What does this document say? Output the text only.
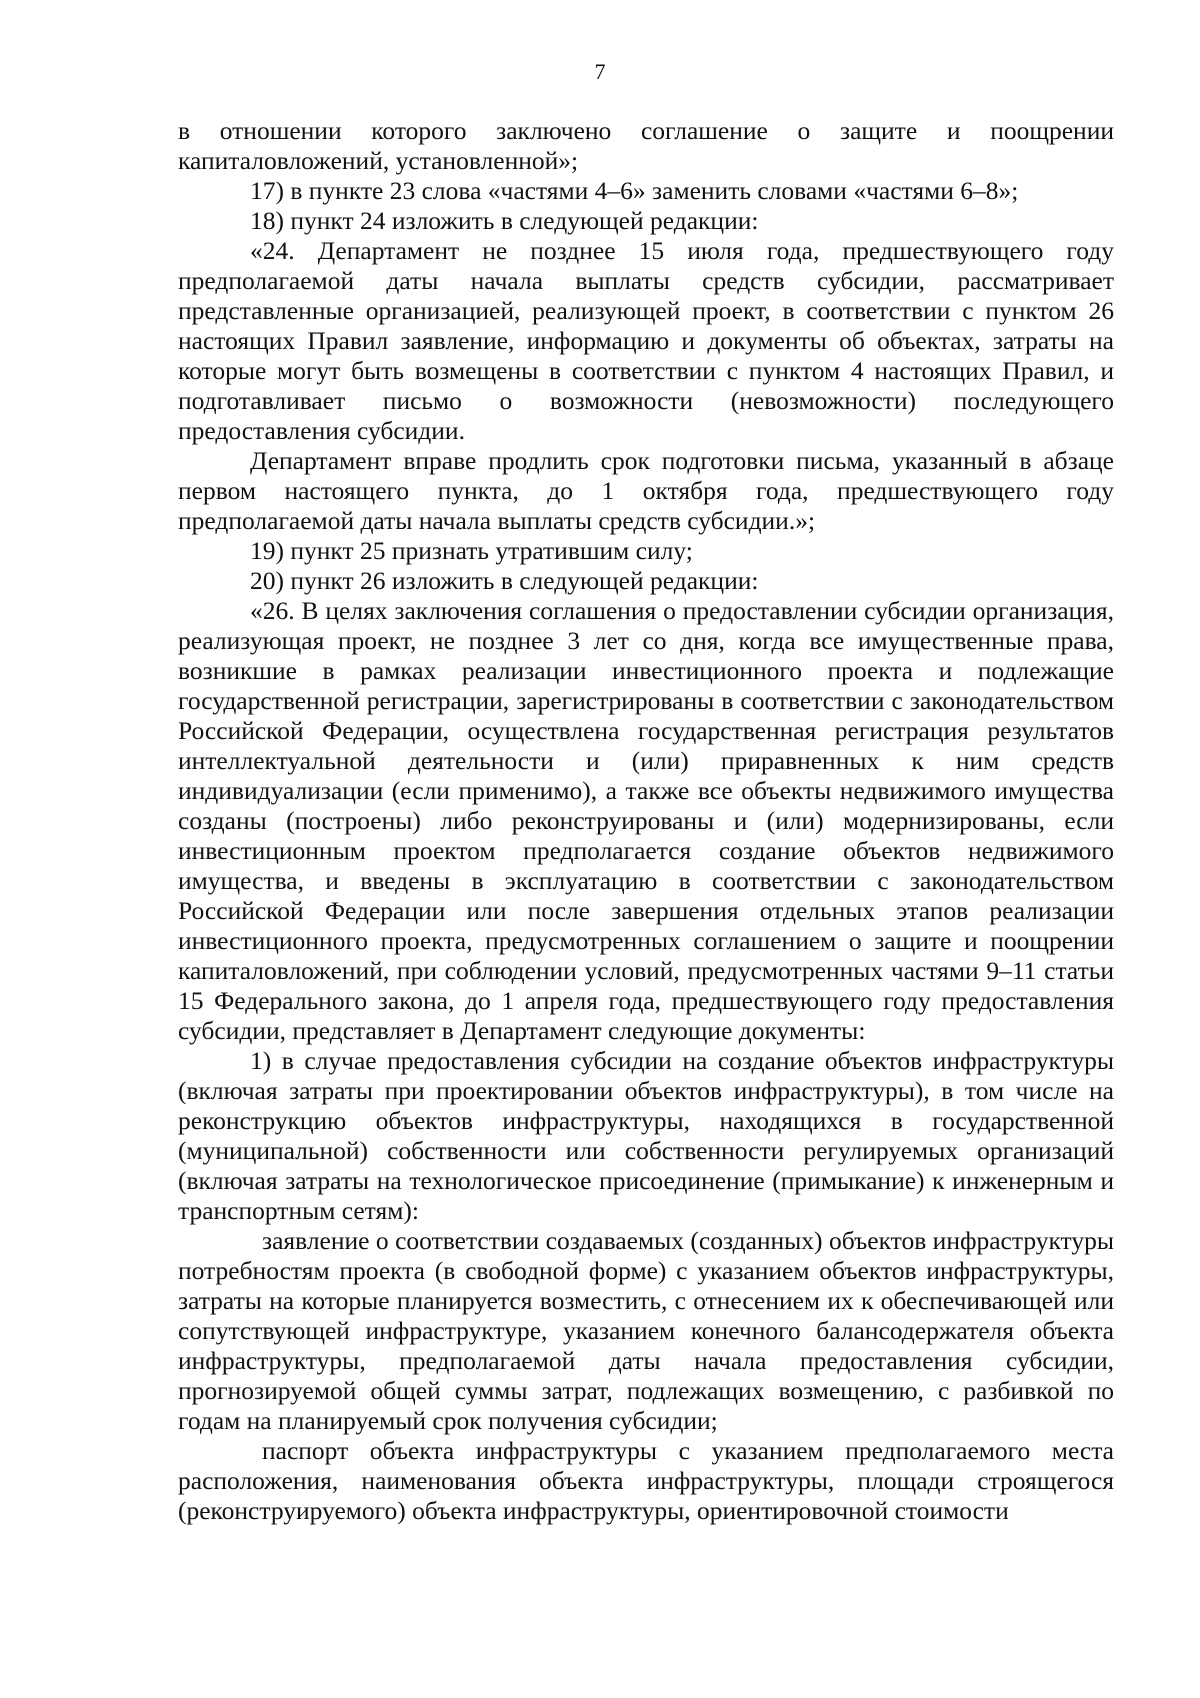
7

в отношении которого заключено соглашение о защите и поощрении капиталовложений, установленной»;

17) в пункте 23 слова «частями 4–6» заменить словами «частями 6–8»;

18) пункт 24 изложить в следующей редакции:

«24. Департамент не позднее 15 июля года, предшествующего году предполагаемой даты начала выплаты средств субсидии, рассматривает представленные организацией, реализующей проект, в соответствии с пунктом 26 настоящих Правил заявление, информацию и документы об объектах, затраты на которые могут быть возмещены в соответствии с пунктом 4 настоящих Правил, и подготавливает письмо о возможности (невозможности) последующего предоставления субсидии.

Департамент вправе продлить срок подготовки письма, указанный в абзаце первом настоящего пункта, до 1 октября года, предшествующего году предполагаемой даты начала выплаты средств субсидии.»;

19) пункт 25 признать утратившим силу;

20) пункт 26 изложить в следующей редакции:

«26. В целях заключения соглашения о предоставлении субсидии организация, реализующая проект, не позднее 3 лет со дня, когда все имущественные права, возникшие в рамках реализации инвестиционного проекта и подлежащие государственной регистрации, зарегистрированы в соответствии с законодательством Российской Федерации, осуществлена государственная регистрация результатов интеллектуальной деятельности и (или) приравненных к ним средств индивидуализации (если применимо), а также все объекты недвижимого имущества созданы (построены) либо реконструированы и (или) модернизированы, если инвестиционным проектом предполагается создание объектов недвижимого имущества, и введены в эксплуатацию в соответствии с законодательством Российской Федерации или после завершения отдельных этапов реализации инвестиционного проекта, предусмотренных соглашением о защите и поощрении капиталовложений, при соблюдении условий, предусмотренных частями 9–11 статьи 15 Федерального закона, до 1 апреля года, предшествующего году предоставления субсидии, представляет в Департамент следующие документы:

1) в случае предоставления субсидии на создание объектов инфраструктуры (включая затраты при проектировании объектов инфраструктуры), в том числе на реконструкцию объектов инфраструктуры, находящихся в государственной (муниципальной) собственности или собственности регулируемых организаций (включая затраты на технологическое присоединение (примыкание) к инженерным и транспортным сетям):

заявление о соответствии создаваемых (созданных) объектов инфраструктуры потребностям проекта (в свободной форме) с указанием объектов инфраструктуры, затраты на которые планируется возместить, с отнесением их к обеспечивающей или сопутствующей инфраструктуре, указанием конечного балансодержателя объекта инфраструктуры, предполагаемой даты начала предоставления субсидии, прогнозируемой общей суммы затрат, подлежащих возмещению, с разбивкой по годам на планируемый срок получения субсидии;

паспорт объекта инфраструктуры с указанием предполагаемого места расположения, наименования объекта инфраструктуры, площади строящегося (реконструируемого) объекта инфраструктуры, ориентировочной стоимости
